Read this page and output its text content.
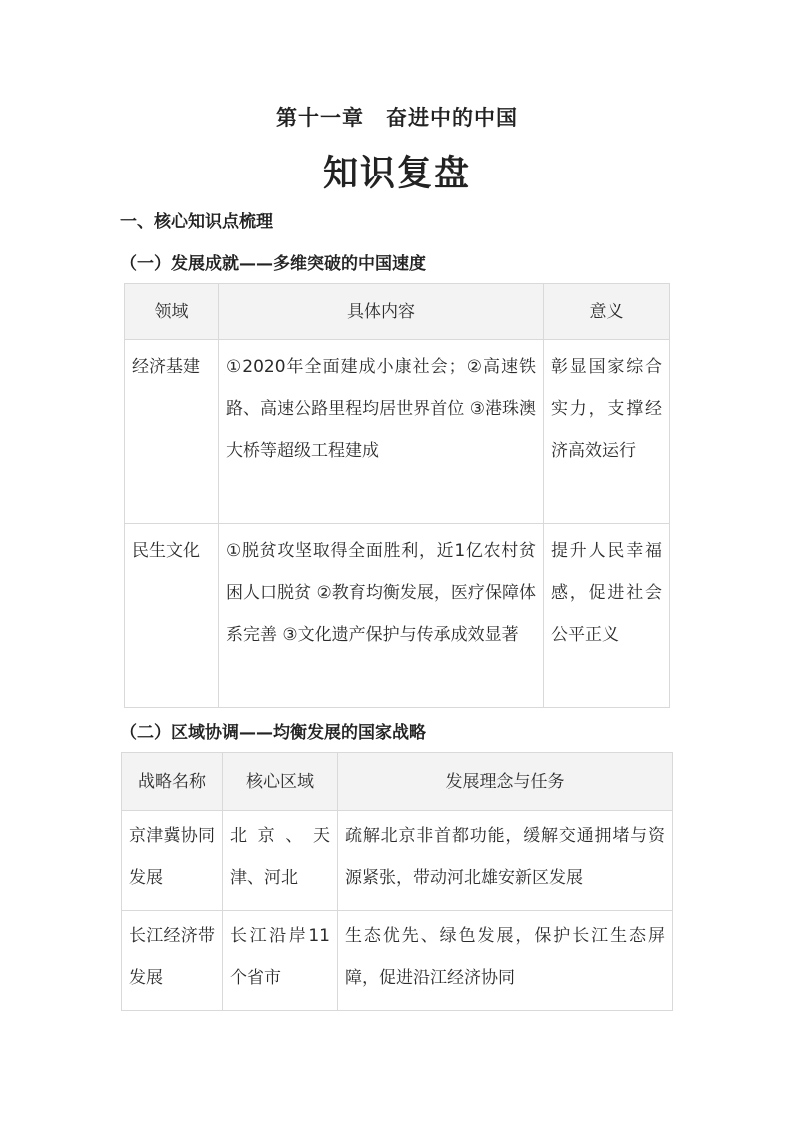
第十一章　奋进中的中国
知识复盘
一、核心知识点梳理
（一）发展成就——多维突破的中国速度
领域	具体内容	意义
经济基建	①2020年全面建成小康社会；②高速铁路、高速公路里程均居世界首位 ③港珠澳大桥等超级工程建成	彰显国家综合实力，支撑经济高效运行
民生文化	①脱贫攻坚取得全面胜利，近1亿农村贫困人口脱贫 ②教育均衡发展，医疗保障体系完善 ③文化遗产保护与传承成效显著	提升人民幸福感，促进社会公平正义
（二）区域协调——均衡发展的国家战略
战略名称	核心区域	发展理念与任务
京津冀协同发展	北京、天津、河北	疏解北京非首都功能，缓解交通拥堵与资源紧张，带动河北雄安新区发展
长江经济带发展	长江沿岸11个省市	生态优先、绿色发展，保护长江生态屏障，促进沿江经济协同
